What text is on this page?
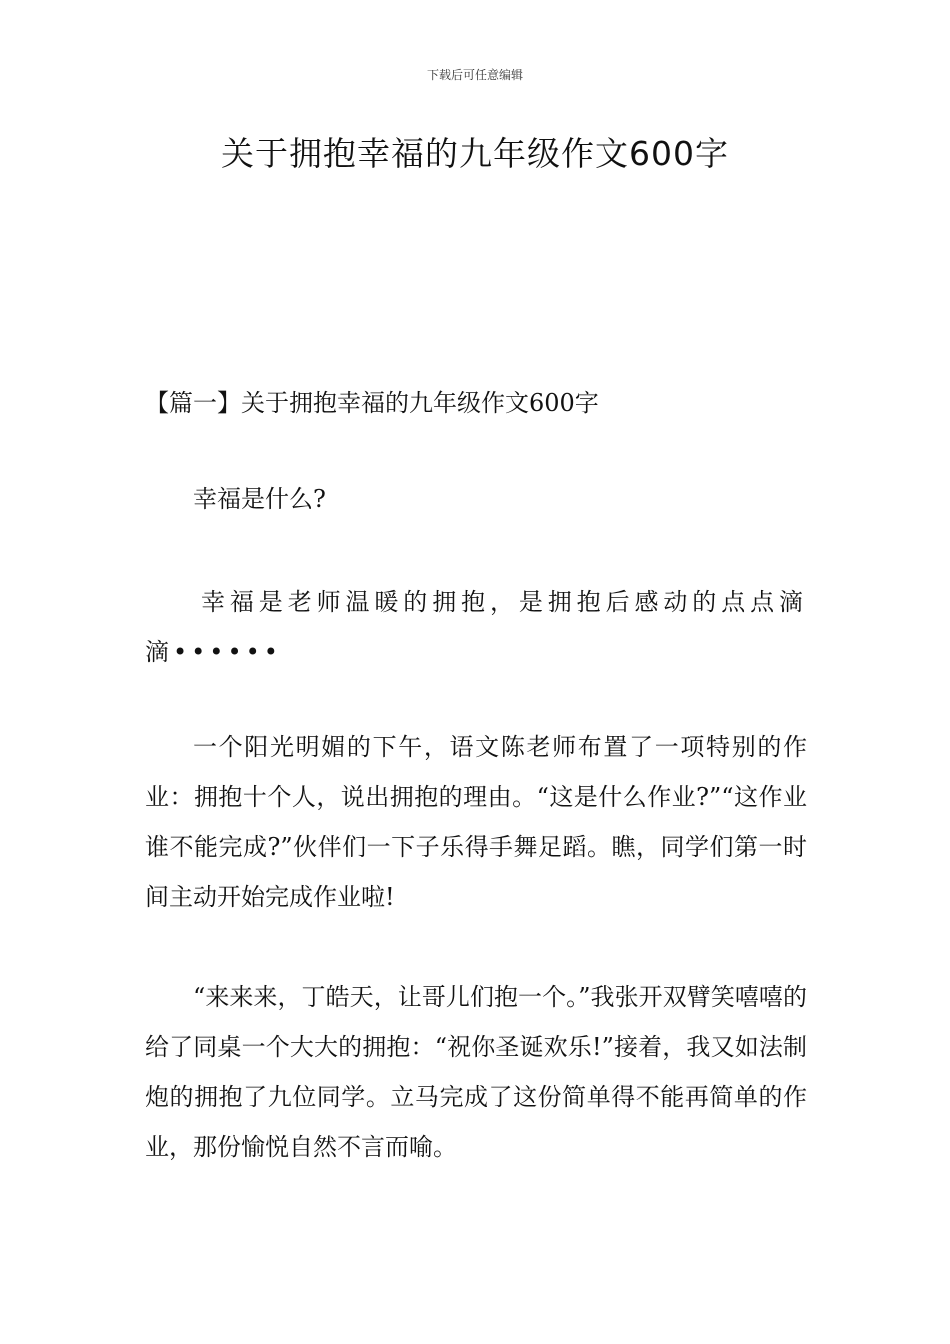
下载后可任意编辑
关于拥抱幸福的九年级作文600字

【篇一】关于拥抱幸福的九年级作文600字

幸福是什么?

幸福是老师温暖的拥抱，是拥抱后感动的点点滴滴••••••

一个阳光明媚的下午，语文陈老师布置了一项特别的作业：拥抱十个人，说出拥抱的理由。“这是什么作业?”“这作业谁不能完成?”伙伴们一下子乐得手舞足蹈。瞧，同学们第一时间主动开始完成作业啦!

“来来来，丁皓天，让哥儿们抱一个。”我张开双臂笑嘻嘻的给了同桌一个大大的拥抱：“祝你圣诞欢乐!”接着，我又如法制炮的拥抱了九位同学。立马完成了这份简单得不能再简单的作业，那份愉悦自然不言而喻。
